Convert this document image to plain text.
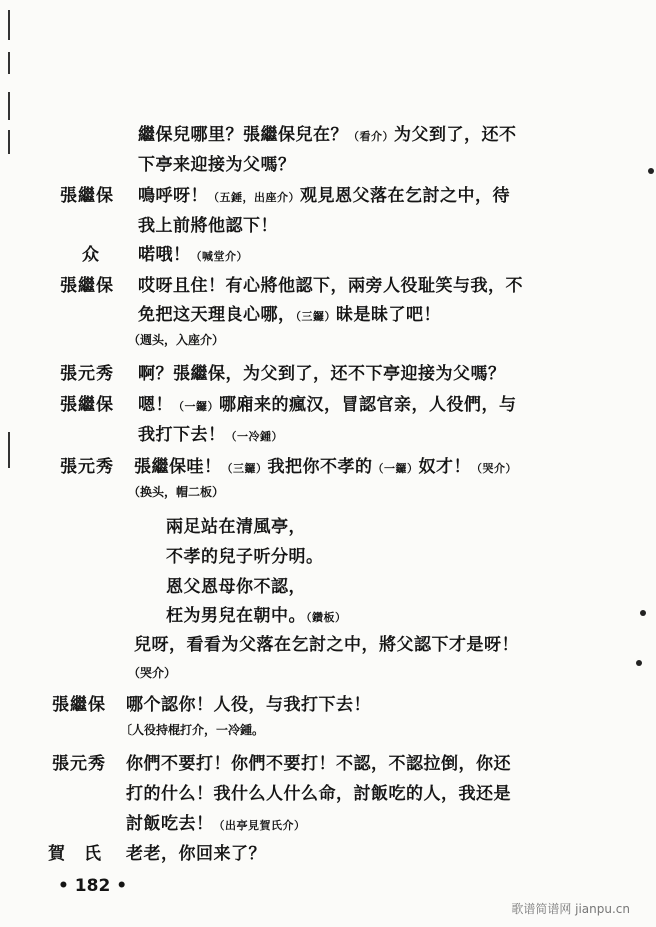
繼保兒哪里？張繼保兒在？（看介）为父到了，还不
下亭来迎接为父嗎？
張繼保 鳴呼呀！（五錘，出座介）观見恩父落在乞討之中，待
我上前將他認下！
众 喏哦！（喊堂介）
張繼保 哎呀且住！有心將他認下，兩旁人役耻笑与我，不
免把这天理良心哪，（三鑼）昧是昧了吧！
（週头，入座介）
張元秀 啊？張繼保，为父到了，还不下亭迎接为父嗎？
張繼保 嗯！（一鑼）哪廂来的瘋汉，冒認官亲，人役們，与
我打下去！（一冷鍾）
張元秀 張繼保哇！（三鑼）我把你不孝的（一鑼）奴才！（哭介）
（换头，帽二板）
兩足站在清風亭，
不孝的兒子听分明。
恩父恩母你不認，
枉为男兒在朝中。（鑽板）
兒呀，看看为父落在乞討之中，將父認下才是呀！
（哭介）
張繼保 哪个認你！人役，与我打下去！
〔人役持棍打介，一冷鍾。
張元秀 你們不要打！你們不要打！不認，不認拉倒，你还
打的什么！我什么人什么命，討飯吃的人，我还是
討飯吃去！（出亭見賀氏介）
賀　氏 老老，你回来了？
• 182 •
歌谱简谱网 jianpu.cn
